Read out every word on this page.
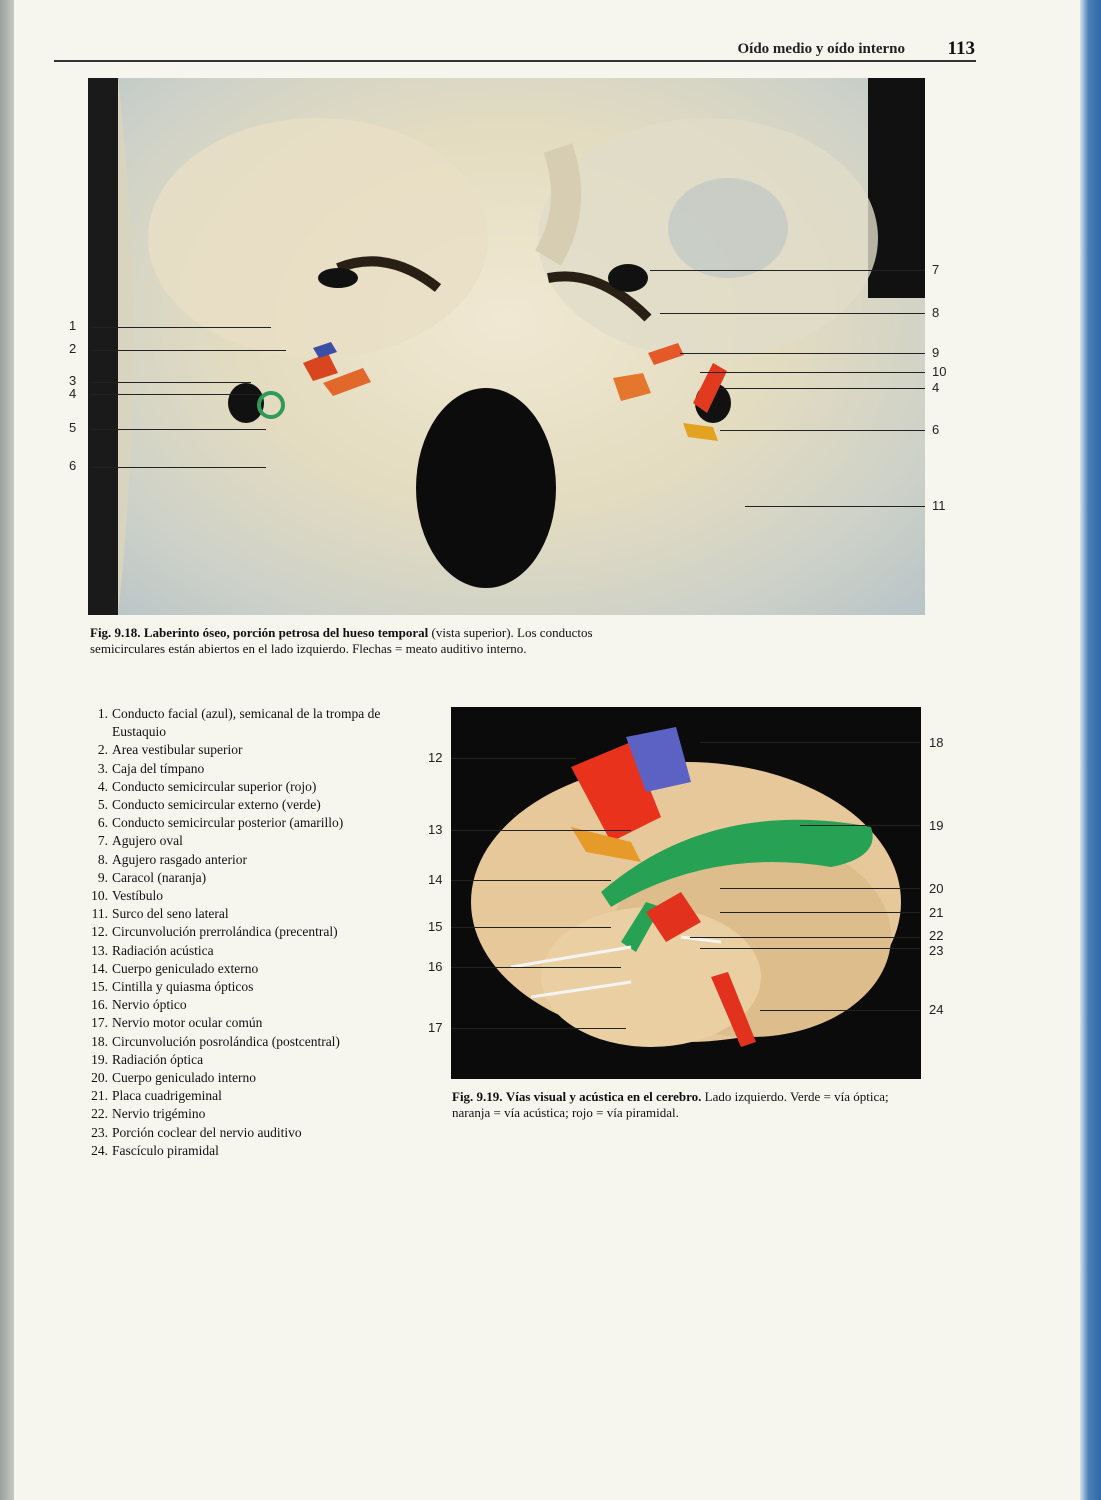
Oído medio y oído interno 113
1
2
3
4
5
6
7
8
9
10
4
6
11
Fig. 9.18. Laberinto óseo, porción petrosa del hueso temporal (vista superior). Los conductos semicirculares están abiertos en el lado izquierdo. Flechas = meato auditivo interno.
1 . Conducto facial (azul), semicanal de la trompa de Eustaquio
2 . Area vestibular superior
3 . Caja del tímpano
4 . Conducto semicircular superior (rojo)
5 . Conducto semicircular externo (verde)
6 . Conducto semicircular posterior (amarillo)
7 . Agujero oval
8 . Agujero rasgado anterior
9 . Caracol (naranja)
10 . Vestíbulo
11 . Surco del seno lateral
12 . Circunvolución prerrolándica (precentral)
13 . Radiación acústica
14 . Cuerpo geniculado externo
15 . Cintilla y quiasma ópticos
16 . Nervio óptico
17 . Nervio motor ocular común
18 . Circunvolución posrolándica (postcentral)
19 . Radiación óptica
20 . Cuerpo geniculado interno
21 . Placa cuadrigeminal
22 . Nervio trigémino
23 . Porción coclear del nervio auditivo
24 . Fascículo piramidal
12
13
14
15
16
17
18
19
20
21
22
23
24
Fig. 9.19. Vías visual y acústica en el cerebro. Lado izquierdo. Verde = vía óptica; naranja = vía acústica; rojo = vía piramidal.
